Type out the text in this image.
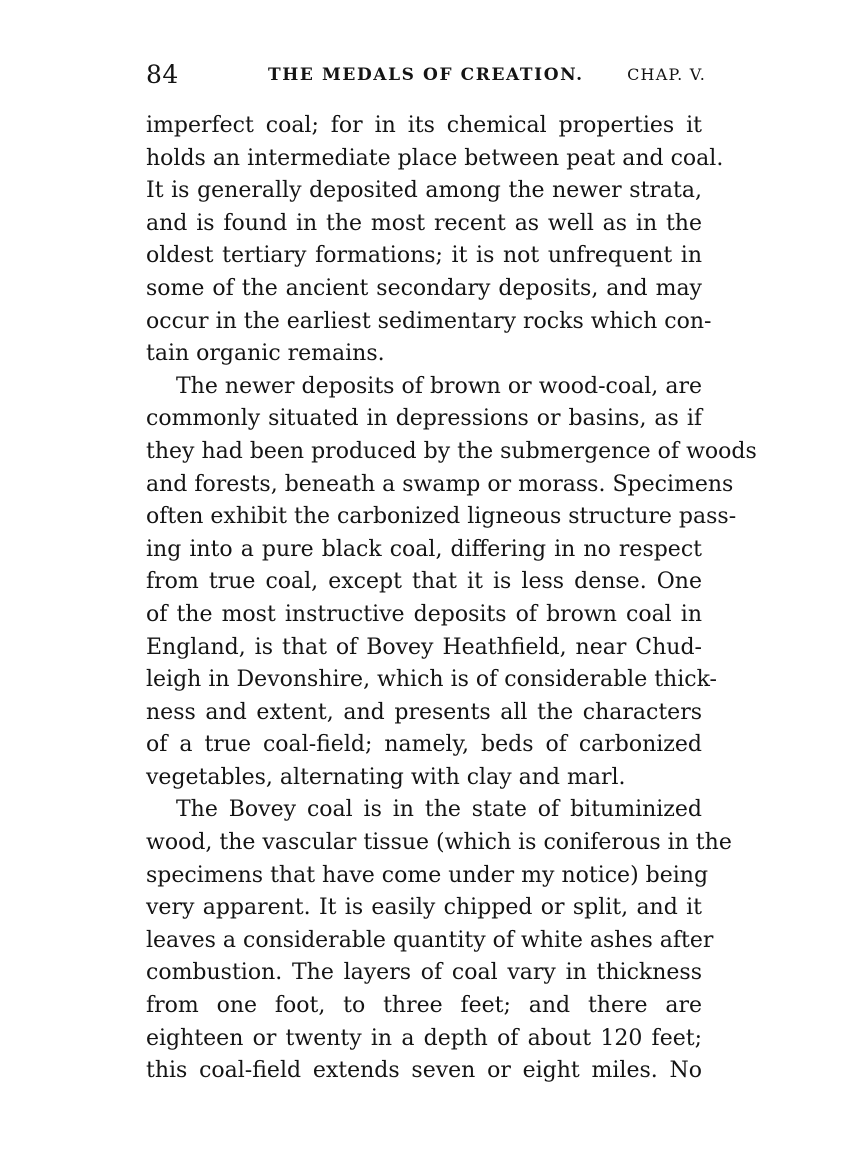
84	THE MEDALS OF CREATION.	CHAP. V.
imperfect coal; for in its chemical properties it
holds an intermediate place between peat and coal.
It is generally deposited among the newer strata,
and is found in the most recent as well as in the
oldest tertiary formations; it is not unfrequent in
some of the ancient secondary deposits, and may
occur in the earliest sedimentary rocks which con-
tain organic remains.
The newer deposits of brown or wood-coal, are
commonly situated in depressions or basins, as if
they had been produced by the submergence of woods
and forests, beneath a swamp or morass. Specimens
often exhibit the carbonized ligneous structure pass-
ing into a pure black coal, differing in no respect
from true coal, except that it is less dense. One
of the most instructive deposits of brown coal in
England, is that of Bovey Heathfield, near Chud-
leigh in Devonshire, which is of considerable thick-
ness and extent, and presents all the characters
of a true coal-field; namely, beds of carbonized
vegetables, alternating with clay and marl.
The Bovey coal is in the state of bituminized
wood, the vascular tissue (which is coniferous in the
specimens that have come under my notice) being
very apparent. It is easily chipped or split, and it
leaves a considerable quantity of white ashes after
combustion. The layers of coal vary in thickness
from one foot, to three feet; and there are
eighteen or twenty in a depth of about 120 feet;
this coal-field extends seven or eight miles. No
